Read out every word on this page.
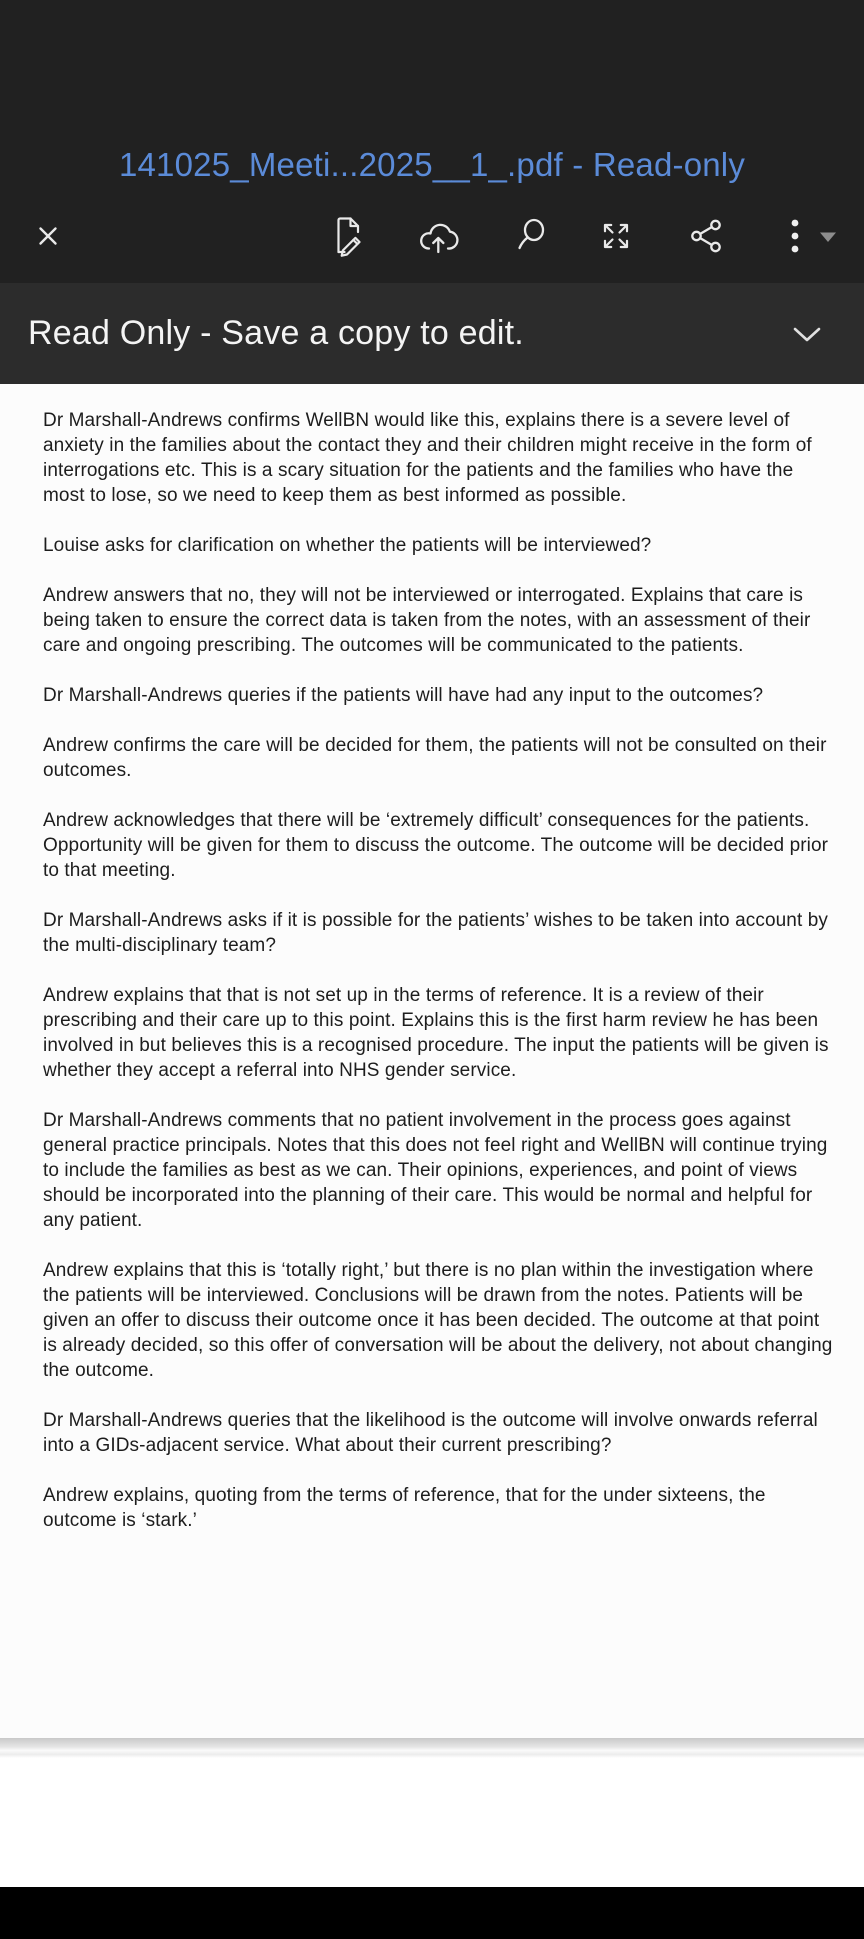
141025_Meeti...2025__1_.pdf - Read-only
Read Only - Save a copy to edit.

Dr Marshall-Andrews confirms WellBN would like this, explains there is a severe level of anxiety in the families about the contact they and their children might receive in the form of interrogations etc. This is a scary situation for the patients and the families who have the most to lose, so we need to keep them as best informed as possible.

Louise asks for clarification on whether the patients will be interviewed?

Andrew answers that no, they will not be interviewed or interrogated. Explains that care is being taken to ensure the correct data is taken from the notes, with an assessment of their care and ongoing prescribing. The outcomes will be communicated to the patients.

Dr Marshall-Andrews queries if the patients will have had any input to the outcomes?

Andrew confirms the care will be decided for them, the patients will not be consulted on their outcomes.

Andrew acknowledges that there will be ‘extremely difficult’ consequences for the patients. Opportunity will be given for them to discuss the outcome. The outcome will be decided prior to that meeting.

Dr Marshall-Andrews asks if it is possible for the patients’ wishes to be taken into account by the multi-disciplinary team?

Andrew explains that that is not set up in the terms of reference. It is a review of their prescribing and their care up to this point. Explains this is the first harm review he has been involved in but believes this is a recognised procedure. The input the patients will be given is whether they accept a referral into NHS gender service.

Dr Marshall-Andrews comments that no patient involvement in the process goes against general practice principals. Notes that this does not feel right and WellBN will continue trying to include the families as best as we can. Their opinions, experiences, and point of views should be incorporated into the planning of their care. This would be normal and helpful for any patient.

Andrew explains that this is ‘totally right,’ but there is no plan within the investigation where the patients will be interviewed. Conclusions will be drawn from the notes. Patients will be given an offer to discuss their outcome once it has been decided. The outcome at that point is already decided, so this offer of conversation will be about the delivery, not about changing the outcome.

Dr Marshall-Andrews queries that the likelihood is the outcome will involve onwards referral into a GIDs-adjacent service. What about their current prescribing?

Andrew explains, quoting from the terms of reference, that for the under sixteens, the outcome is ‘stark.’
